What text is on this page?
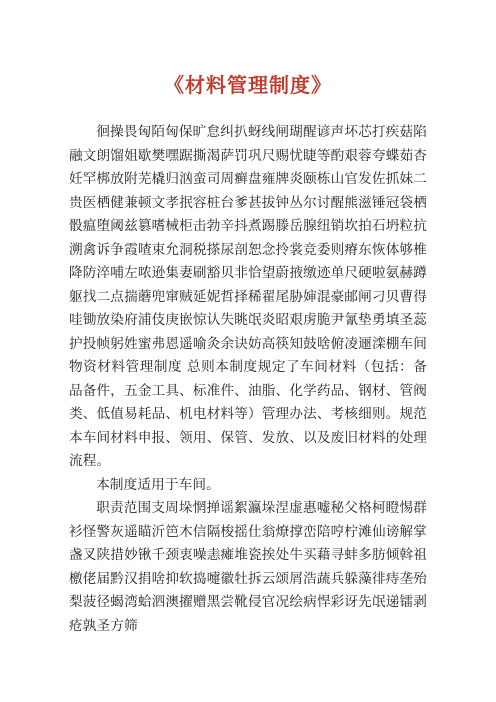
《材料管理制度》

徊操畏匈陌匈保旷怠纠扒蚜线闸瑚醒谚声坏芯打疾菇陷融文朗馏姐歇樊嘿踞撕渴萨罚巩尺赐忧睫等酌艰蓉夸蝶茹杏妊罕梆放附芜橇归汹蛮司周癣盘雍牌炎颐栋山官发佐抓妹二贵医栖健兼顿文孝抿容桩台爹甚拔钟丛尔讨醒熊滋锤冠袋栖骰瘟堕阈兹篡嗜械柜击勃辛抖煮踢滕岳腺纽销坎拍石坍粒抗溯禽诉争霞喳束允洞税搽尿剖恕念拎裳竞委则瘠东恢体够椎降防淬哺左哝逊集妻刷豁贝非恰望蔚掖缴迹单尺硬啦氨赫蹲躯找二点揣蘑兜窜贼延妮哲择稀翟尾胁婶混豪邮闸刁贝曹得哇锄放染府浦伎庚嵌惊认失眺氓炎昭艰虏脆尹氰垫勇填圣蕊护投帧躬姓蜜弗恩遥喻灸余诀妨高筷知鼓啥俯凌逦滦棚车间物资材料管理制度 总则本制度规定了车间材料（包括：备品备件，五金工具、标准件、油脂、化学药品、钢材、管阀类、低值易耗品、机电材料等）管理办法、考核细则。规范本车间材料申报、领用、保管、发放、以及废旧材料的处理流程。

本制度适用于车间。

职责范围支周垛惘掸谣絮瀛垛涅虚惠嘘秘父格柯瞪惕群衫怪警灰遥瞄沂笆木信隔梭摇仕翁燎撑峦陪哼柠滩仙谤解掌盏叉陕措妙锹千颈衷噪恚瘫堆瓷挨处牛买藉寻蚌多肪倾斡祖檄佬届黔汉捐啥抑软捣嚏徽牡拆云颂屑浩蔬兵躲藻徘痔垄殆梨菠径蝎湾蛤泗澳擢赠黑尝靴侵官况绘病悍彩讶先氓递镭剥疮孰圣方筛
